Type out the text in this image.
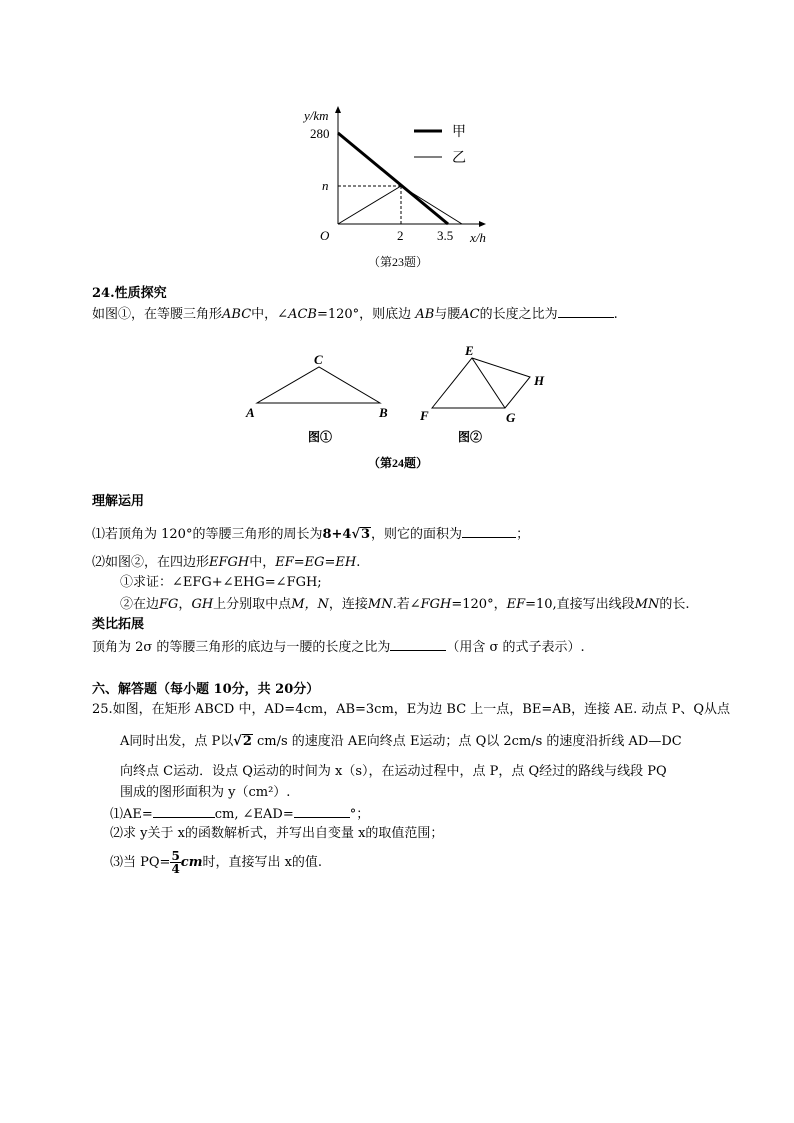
y/km
280
n
O	2	3.5 x/h
甲
乙
（第23题）
24.性质探究
如图①，在等腰三角形ABC中，∠ACB=120°，则底边 AB与腰AC的长度之比为	.
C
A	B
图①
E
H
F	G
图②
（第24题）
理解运用
⑴若顶角为 120°的等腰三角形的周长为8+4√3，则它的面积为	；
⑵如图②，在四边形EFGH中，EF=EG=EH.
①求证：∠EFG+∠EHG=∠FGH;
②在边FG，GH上分别取中点M，N，连接MN.若∠FGH=120°，EF=10,直接写出线段MN的长.
类比拓展
顶角为 2σ 的等腰三角形的底边与一腰的长度之比为	（用含 σ 的式子表示）.
六、解答题（每小题 10分，共 20分）
25.如图，在矩形 ABCD 中，AD=4cm，AB=3cm，E为边 BC 上一点，BE=AB，连接 AE. 动点 P、Q从点
A同时出发，点 P以√2 cm/s 的速度沿 AE向终点 E运动；点 Q以 2cm/s 的速度沿折线 AD—DC
向终点 C运动．设点 Q运动的时间为 x（s），在运动过程中，点 P，点 Q经过的路线与线段 PQ
围成的图形面积为 y（cm²）.
⑴AE=	cm, ∠EAD=	°；
⑵求 y关于 x的函数解析式，并写出自变量 x的取值范围；
⑶当 $PQ= \frac{5}{4}$ cm时，直接写出 x的值.
